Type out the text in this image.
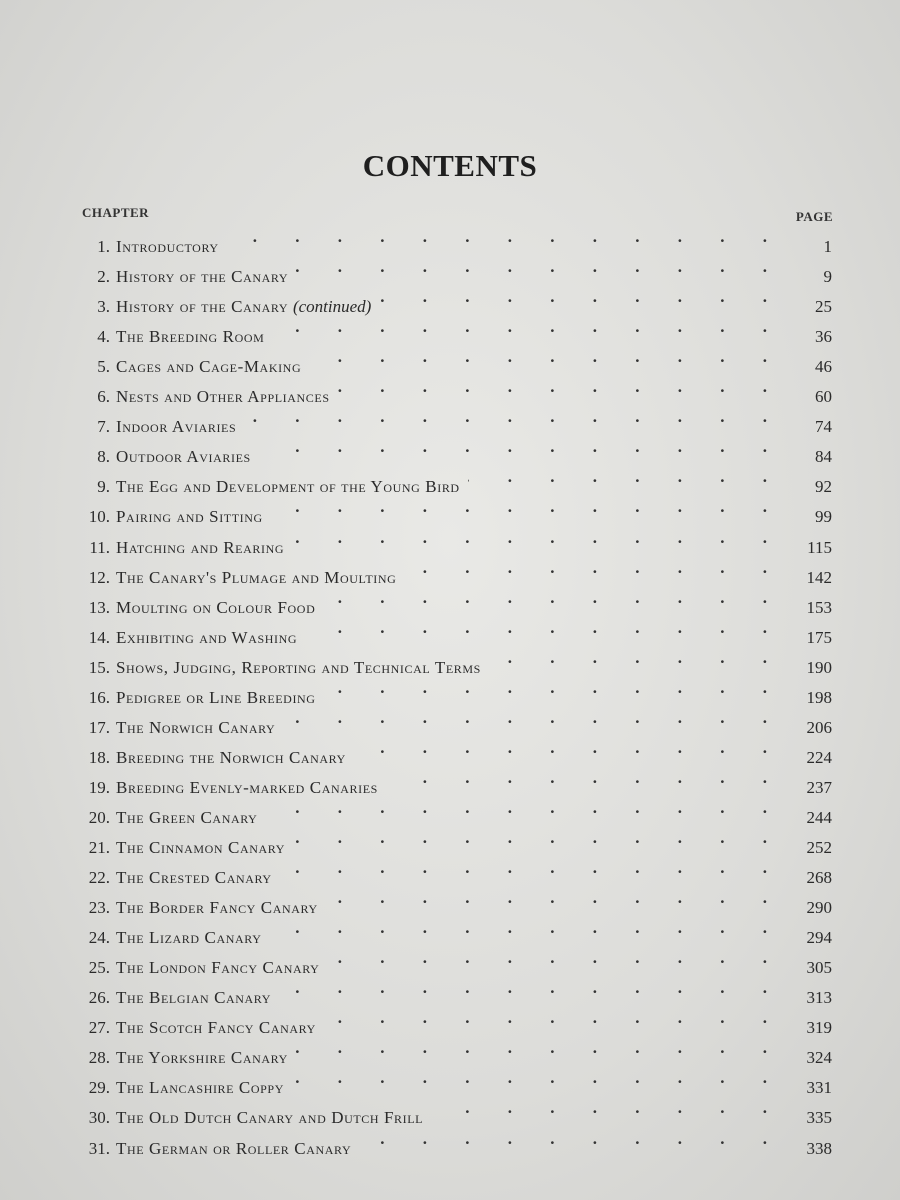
CONTENTS
CHAPTER	PAGE
1. Introductory . . .	1
2. History of the Canary . . .	9
3. History of the Canary (continued) . . .	25
4. The Breeding Room . . .	36
5. Cages and Cage-Making . . .	46
6. Nests and Other Appliances . . .	60
7. Indoor Aviaries . . .	74
8. Outdoor Aviaries . . .	84
9. The Egg and Development of the Young Bird . . .	92
10. Pairing and Sitting . . .	99
11. Hatching and Rearing . . .	115
12. The Canary's Plumage and Moulting . . .	142
13. Moulting on Colour Food . . .	153
14. Exhibiting and Washing . . .	175
15. Shows, Judging, Reporting and Technical Terms . . .	190
16. Pedigree or Line Breeding . . .	198
17. The Norwich Canary . . .	206
18. Breeding the Norwich Canary . . .	224
19. Breeding Evenly-marked Canaries . . .	237
20. The Green Canary . . .	244
21. The Cinnamon Canary . . .	252
22. The Crested Canary . . .	268
23. The Border Fancy Canary . . .	290
24. The Lizard Canary . . .	294
25. The London Fancy Canary . . .	305
26. The Belgian Canary . . .	313
27. The Scotch Fancy Canary . . .	319
28. The Yorkshire Canary . . .	324
29. The Lancashire Coppy . . .	331
30. The Old Dutch Canary and Dutch Frill . . .	335
31. The German or Roller Canary . . .	338
